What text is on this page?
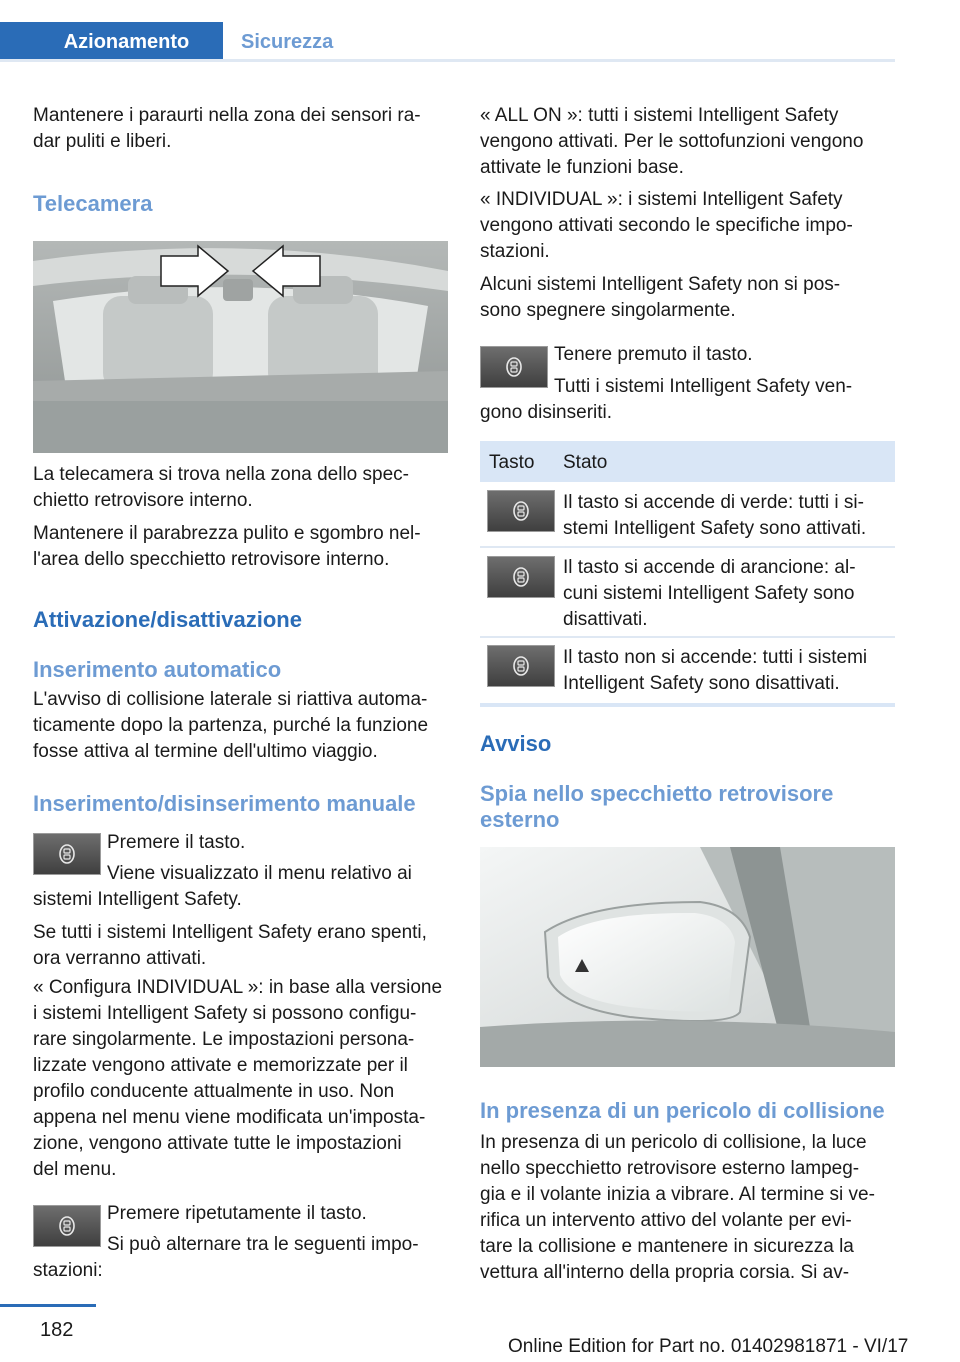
Azionamento	Sicurezza
Mantenere i paraurti nella zona dei sensori ra-
dar puliti e liberi.
Telecamera
La telecamera si trova nella zona dello spec-
chietto retrovisore interno.
Mantenere il parabrezza pulito e sgombro nel-
l'area dello specchietto retrovisore interno.
Attivazione/disattivazione
Inserimento automatico
L'avviso di collisione laterale si riattiva automa-
ticamente dopo la partenza, purché la funzione
fosse attiva al termine dell'ultimo viaggio.
Inserimento/disinserimento manuale
Premere il tasto.
Viene visualizzato il menu relativo ai
sistemi Intelligent Safety.
Se tutti i sistemi Intelligent Safety erano spenti,
ora verranno attivati.
« Configura INDIVIDUAL »: in base alla versione
i sistemi Intelligent Safety si possono configu-
rare singolarmente. Le impostazioni persona-
lizzate vengono attivate e memorizzate per il
profilo conducente attualmente in uso. Non
appena nel menu viene modificata un'imposta-
zione, vengono attivate tutte le impostazioni
del menu.
Premere ripetutamente il tasto.
Si può alternare tra le seguenti impo-
stazioni:
« ALL ON »: tutti i sistemi Intelligent Safety
vengono attivati. Per le sottofunzioni vengono
attivate le funzioni base.
« INDIVIDUAL »: i sistemi Intelligent Safety
vengono attivati secondo le specifiche impo-
stazioni.
Alcuni sistemi Intelligent Safety non si pos-
sono spegnere singolarmente.
Tenere premuto il tasto.
Tutti i sistemi Intelligent Safety ven-
gono disinseriti.
Tasto Stato
Il tasto si accende di verde: tutti i si-
stemi Intelligent Safety sono attivati.
Il tasto si accende di arancione: al-
cuni sistemi Intelligent Safety sono
disattivati.
Il tasto non si accende: tutti i sistemi
Intelligent Safety sono disattivati.
Avviso
Spia nello specchietto retrovisore
esterno
In presenza di un pericolo di collisione
In presenza di un pericolo di collisione, la luce
nello specchietto retrovisore esterno lampeg-
gia e il volante inizia a vibrare. Al termine si ve-
rifica un intervento attivo del volante per evi-
tare la collisione e mantenere in sicurezza la
vettura all'interno della propria corsia. Si av-
182
Online Edition for Part no. 01402981871 - VI/17
